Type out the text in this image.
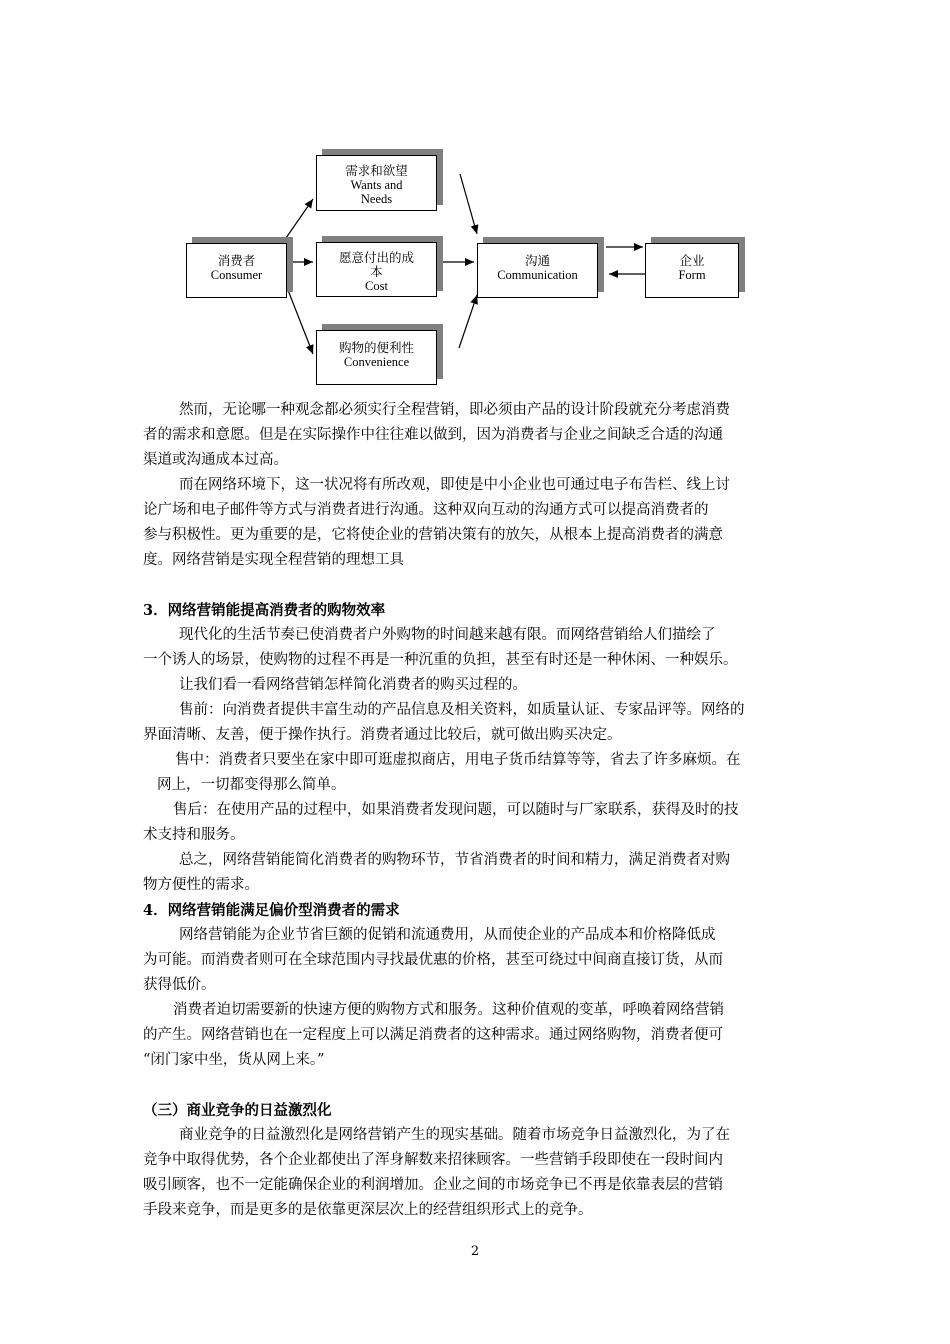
消费者
Consumer
需求和欲望
Wants and
Needs
愿意付出的成
本
Cost
购物的便利性
Convenience
沟通
Communication
企业
Form

然而，无论哪一种观念都必须实行全程营销，即必须由产品的设计阶段就充分考虑消费
者的需求和意愿。但是在实际操作中往往难以做到，因为消费者与企业之间缺乏合适的沟通
渠道或沟通成本过高。

而在网络环境下，这一状况将有所改观，即使是中小企业也可通过电子布告栏、线上讨
论广场和电子邮件等方式与消费者进行沟通。这种双向互动的沟通方式可以提高消费者的
参与积极性。更为重要的是，它将使企业的营销决策有的放矢，从根本上提高消费者的满意
度。网络营销是实现全程营销的理想工具

3．网络营销能提高消费者的购物效率

现代化的生活节奏已使消费者户外购物的时间越来越有限。而网络营销给人们描绘了
一个诱人的场景，使购物的过程不再是一种沉重的负担，甚至有时还是一种休闲、一种娱乐。

让我们看一看网络营销怎样简化消费者的购买过程的。

售前：向消费者提供丰富生动的产品信息及相关资料，如质量认证、专家品评等。网络的
界面清晰、友善，便于操作执行。消费者通过比较后，就可做出购买决定。

售中：消费者只要坐在家中即可逛虚拟商店，用电子货币结算等等，省去了许多麻烦。在
网上，一切都变得那么简单。

售后：在使用产品的过程中，如果消费者发现问题，可以随时与厂家联系，获得及时的技
术支持和服务。

总之，网络营销能简化消费者的购物环节，节省消费者的时间和精力，满足消费者对购
物方便性的需求。

4．网络营销能满足偏价型消费者的需求

网络营销能为企业节省巨额的促销和流通费用，从而使企业的产品成本和价格降低成
为可能。而消费者则可在全球范围内寻找最优惠的价格，甚至可绕过中间商直接订货，从而
获得低价。

消费者迫切需要新的快速方便的购物方式和服务。这种价值观的变革，呼唤着网络营销
的产生。网络营销也在一定程度上可以满足消费者的这种需求。通过网络购物，消费者便可
“闭门家中坐，货从网上来。”

（三）商业竞争的日益激烈化

商业竞争的日益激烈化是网络营销产生的现实基础。随着市场竞争日益激烈化，为了在
竞争中取得优势，各个企业都使出了浑身解数来招徕顾客。一些营销手段即使在一段时间内
吸引顾客，也不一定能确保企业的利润增加。企业之间的市场竞争已不再是依靠表层的营销
手段来竞争，而是更多的是依靠更深层次上的经营组织形式上的竞争。

2
